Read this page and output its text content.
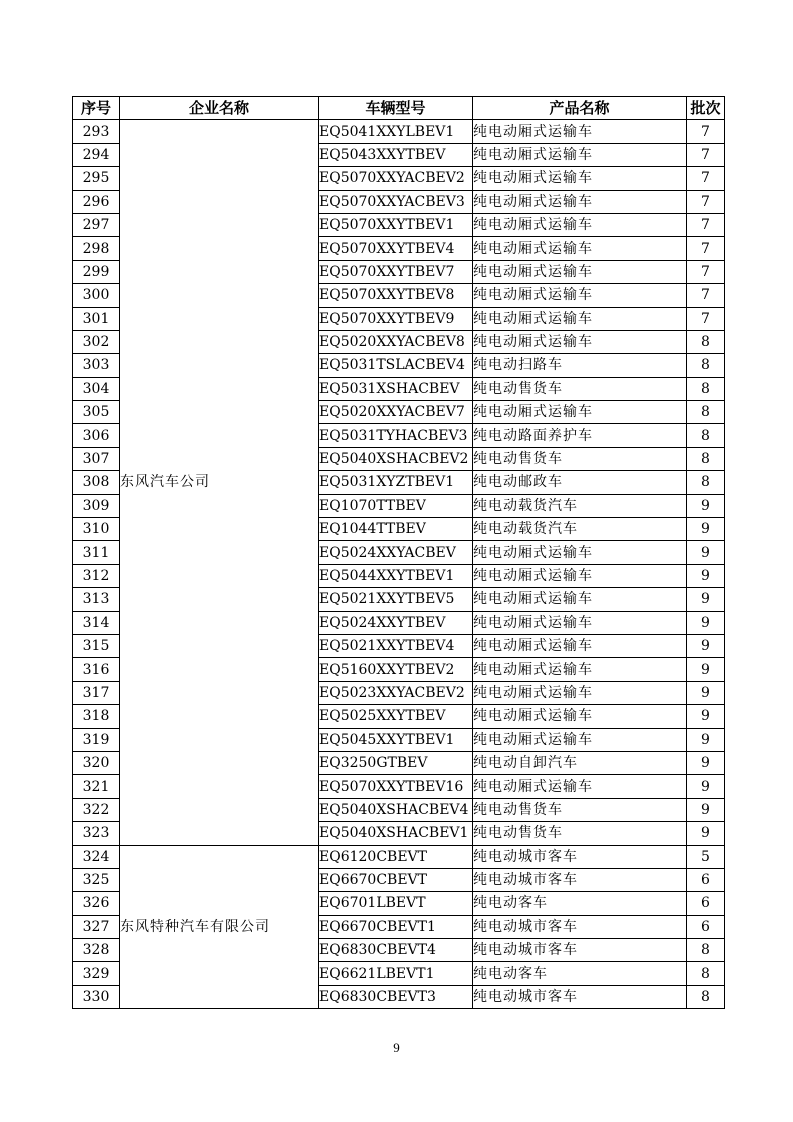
序号	企业名称	车辆型号	产品名称	批次
293	东风汽车公司	EQ5041XXYLBEV1	纯电动厢式运输车	7
294		EQ5043XXYTBEV	纯电动厢式运输车	7
295		EQ5070XXYACBEV2	纯电动厢式运输车	7
296		EQ5070XXYACBEV3	纯电动厢式运输车	7
297		EQ5070XXYTBEV1	纯电动厢式运输车	7
298		EQ5070XXYTBEV4	纯电动厢式运输车	7
299		EQ5070XXYTBEV7	纯电动厢式运输车	7
300		EQ5070XXYTBEV8	纯电动厢式运输车	7
301		EQ5070XXYTBEV9	纯电动厢式运输车	7
302		EQ5020XXYACBEV8	纯电动厢式运输车	8
303		EQ5031TSLACBEV4	纯电动扫路车	8
304		EQ5031XSHACBEV	纯电动售货车	8
305		EQ5020XXYACBEV7	纯电动厢式运输车	8
306		EQ5031TYHACBEV3	纯电动路面养护车	8
307		EQ5040XSHACBEV2	纯电动售货车	8
308		EQ5031XYZTBEV1	纯电动邮政车	8
309		EQ1070TTBEV	纯电动载货汽车	9
310		EQ1044TTBEV	纯电动载货汽车	9
311		EQ5024XXYACBEV	纯电动厢式运输车	9
312		EQ5044XXYTBEV1	纯电动厢式运输车	9
313		EQ5021XXYTBEV5	纯电动厢式运输车	9
314		EQ5024XXYTBEV	纯电动厢式运输车	9
315		EQ5021XXYTBEV4	纯电动厢式运输车	9
316		EQ5160XXYTBEV2	纯电动厢式运输车	9
317		EQ5023XXYACBEV2	纯电动厢式运输车	9
318		EQ5025XXYTBEV	纯电动厢式运输车	9
319		EQ5045XXYTBEV1	纯电动厢式运输车	9
320		EQ3250GTBEV	纯电动自卸汽车	9
321		EQ5070XXYTBEV16	纯电动厢式运输车	9
322		EQ5040XSHACBEV4	纯电动售货车	9
323		EQ5040XSHACBEV1	纯电动售货车	9
324	东风特种汽车有限公司	EQ6120CBEVT	纯电动城市客车	5
325		EQ6670CBEVT	纯电动城市客车	6
326		EQ6701LBEVT	纯电动客车	6
327		EQ6670CBEVT1	纯电动城市客车	6
328		EQ6830CBEVT4	纯电动城市客车	8
329		EQ6621LBEVT1	纯电动客车	8
330		EQ6830CBEVT3	纯电动城市客车	8
9
